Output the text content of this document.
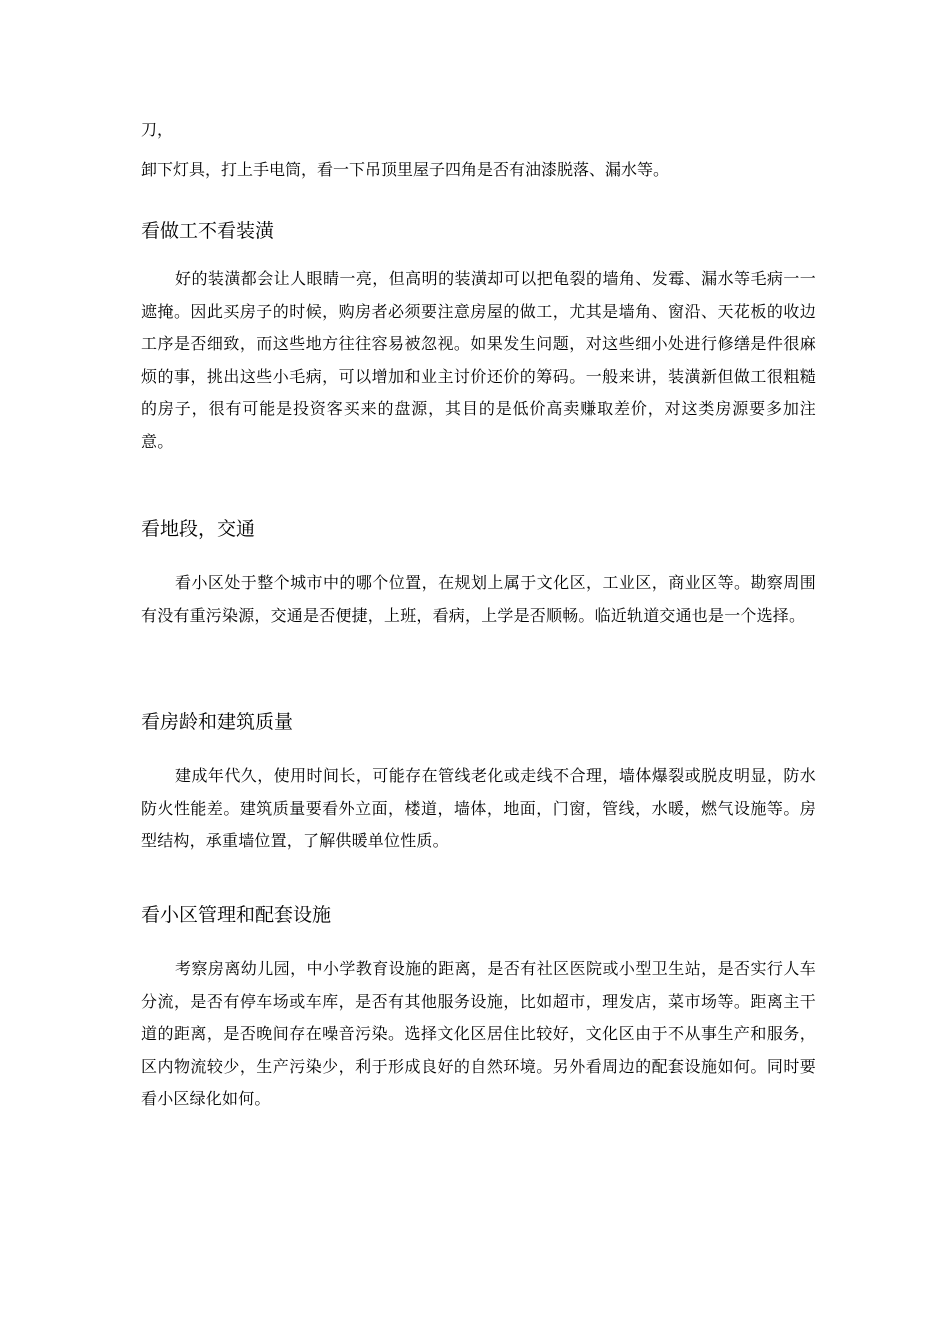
刀，
卸下灯具，打上手电筒，看一下吊顶里屋子四角是否有油漆脱落、漏水等。
看做工不看装潢
好的装潢都会让人眼睛一亮，但高明的装潢却可以把龟裂的墙角、发霉、漏水等毛病一一遮掩。因此买房子的时候，购房者必须要注意房屋的做工，尤其是墙角、窗沿、天花板的收边工序是否细致，而这些地方往往容易被忽视。如果发生问题，对这些细小处进行修缮是件很麻烦的事，挑出这些小毛病，可以增加和业主讨价还价的筹码。一般来讲，装潢新但做工很粗糙的房子，很有可能是投资客买来的盘源，其目的是低价高卖赚取差价，对这类房源要多加注意。
看地段，交通
看小区处于整个城市中的哪个位置，在规划上属于文化区，工业区，商业区等。勘察周围有没有重污染源，交通是否便捷，上班，看病，上学是否顺畅。临近轨道交通也是一个选择。
看房龄和建筑质量
建成年代久，使用时间长，可能存在管线老化或走线不合理，墙体爆裂或脱皮明显，防水防火性能差。建筑质量要看外立面，楼道，墙体，地面，门窗，管线，水暖，燃气设施等。房型结构，承重墙位置，了解供暖单位性质。
看小区管理和配套设施
考察房离幼儿园，中小学教育设施的距离，是否有社区医院或小型卫生站，是否实行人车分流，是否有停车场或车库，是否有其他服务设施，比如超市，理发店，菜市场等。距离主干道的距离，是否晚间存在噪音污染。选择文化区居住比较好，文化区由于不从事生产和服务，区内物流较少，生产污染少，利于形成良好的自然环境。另外看周边的配套设施如何。同时要看小区绿化如何。
